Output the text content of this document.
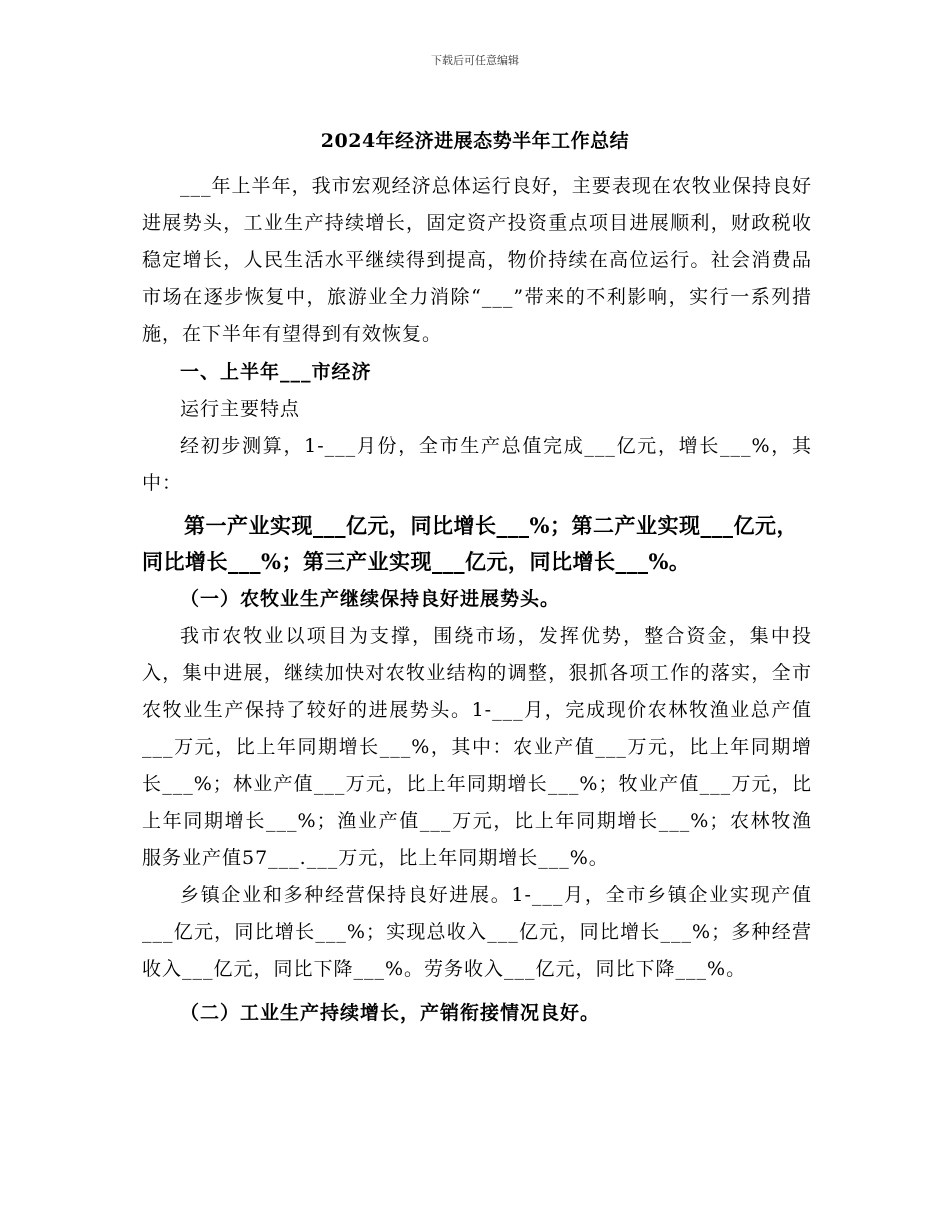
下载后可任意编辑
2024年经济进展态势半年工作总结

___年上半年，我市宏观经济总体运行良好，主要表现在农牧业保持良好进展势头，工业生产持续增长，固定资产投资重点项目进展顺利，财政税收稳定增长，人民生活水平继续得到提高，物价持续在高位运行。社会消费品市场在逐步恢复中，旅游业全力消除“___”带来的不利影响，实行一系列措施，在下半年有望得到有效恢复。

一、上半年___市经济

运行主要特点

经初步测算，1-___月份，全市生产总值完成___亿元，增长___%，其中：

第一产业实现___亿元，同比增长___%；第二产业实现___亿元，同比增长___%；第三产业实现___亿元，同比增长___%。

（一）农牧业生产继续保持良好进展势头。

我市农牧业以项目为支撑，围绕市场，发挥优势，整合资金，集中投入，集中进展，继续加快对农牧业结构的调整，狠抓各项工作的落实，全市农牧业生产保持了较好的进展势头。1-___月，完成现价农林牧渔业总产值___万元，比上年同期增长___%，其中：农业产值___万元，比上年同期增长___%；林业产值___万元，比上年同期增长___%；牧业产值___万元，比上年同期增长___%；渔业产值___万元，比上年同期增长___%；农林牧渔服务业产值57___.___万元，比上年同期增长___%。

乡镇企业和多种经营保持良好进展。1-___月，全市乡镇企业实现产值___亿元，同比增长___%；实现总收入___亿元，同比增长___%；多种经营收入___亿元，同比下降___%。劳务收入___亿元，同比下降___%。

（二）工业生产持续增长，产销衔接情况良好。
